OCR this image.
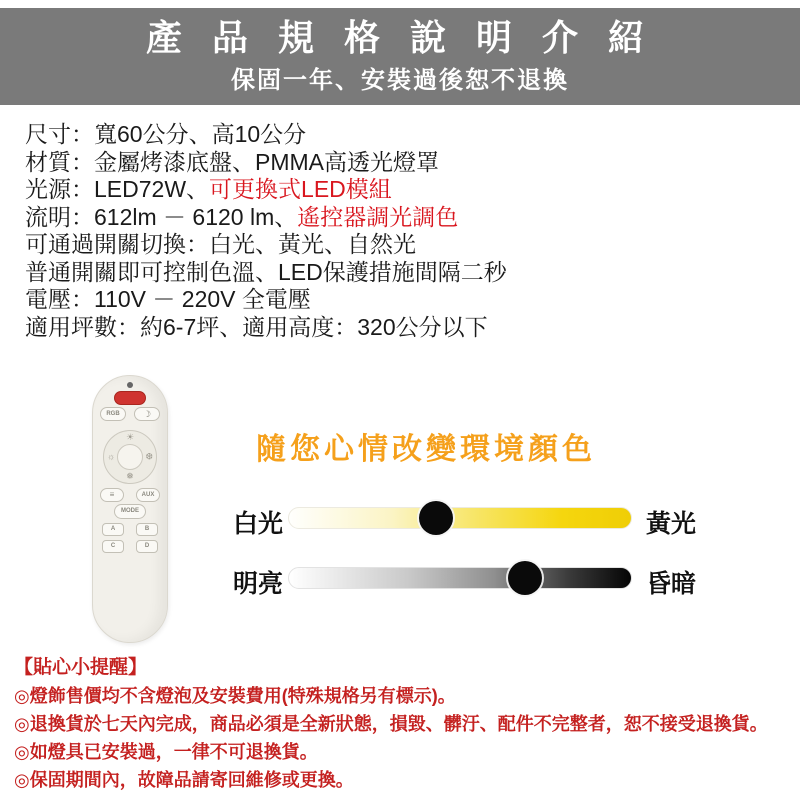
產 品 規 格 說 明 介 紹
保固一年、安裝過後恕不退換
尺寸：寬60公分、高10公分
材質：金屬烤漆底盤、PMMA高透光燈罩
光源：LED72W、可更換式LED模組
流明：612lm － 6120 lm、遙控器調光調色
可通過開關切換：白光、黃光、自然光
普通開關即可控制色溫、LED保護措施間隔二秒
電壓：110V － 220V 全電壓
適用坪數：約6-7坪、適用高度：320公分以下
RGB	☽
☀
☼	❆
❅
≡	AUX
MODE
A	B
C	D
隨您心情改變環境顏色
白光	黃光
明亮	昏暗
【貼心小提醒】
◎燈飾售價均不含燈泡及安裝費用(特殊規格另有標示)。
◎退換貨於七天內完成，商品必須是全新狀態，損毀、髒汙、配件不完整者，恕不接受退換貨。
◎如燈具已安裝過，一律不可退換貨。
◎保固期間內，故障品請寄回維修或更換。
